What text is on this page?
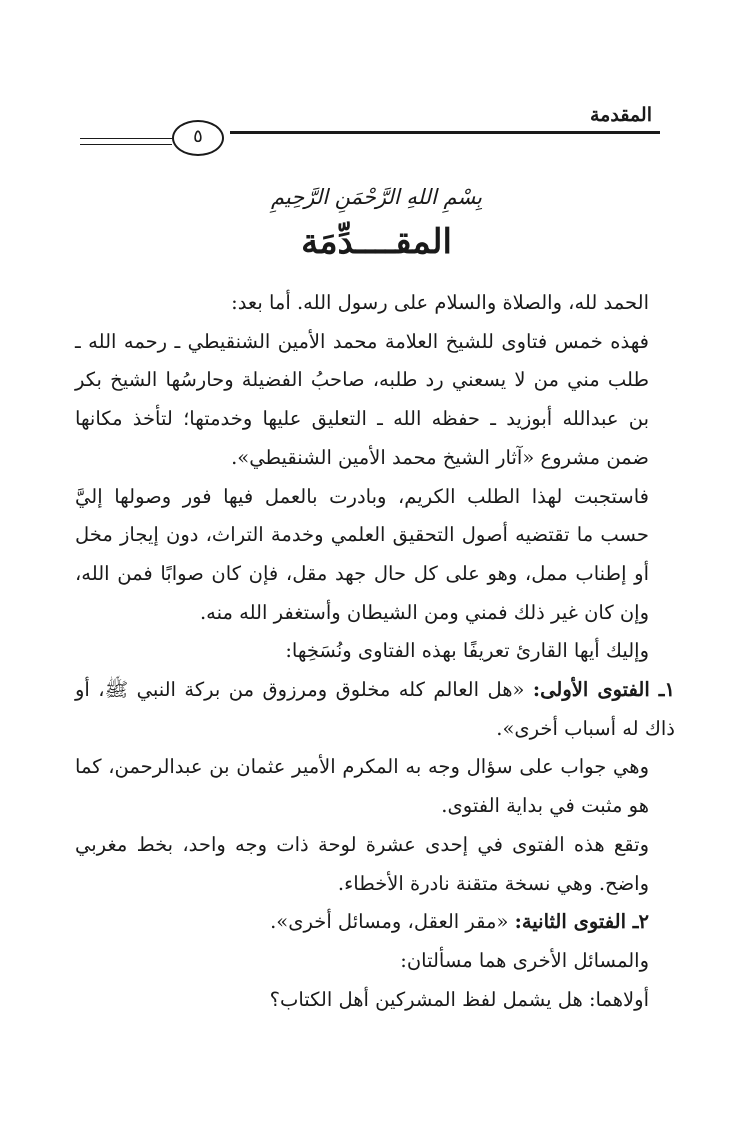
المقدمة
٥
بِسْمِ اللهِ الرَّحْمَنِ الرَّحِيمِ
المقــــدِّمَة

الحمد لله، والصلاة والسلام على رسول الله. أما بعد:

فهذه خمس فتاوى للشيخ العلامة محمد الأمين الشنقيطي ـ رحمه الله ـ طلب مني من لا يسعني رد طلبه، صاحبُ الفضيلة وحارسُها الشيخ بكر بن عبدالله أبوزيد ـ حفظه الله ـ التعليق عليها وخدمتها؛ لتأخذ مكانها ضمن مشروع «آثار الشيخ محمد الأمين الشنقيطي».

فاستجبت لهذا الطلب الكريم، وبادرت بالعمل فيها فور وصولها إليَّ حسب ما تقتضيه أصول التحقيق العلمي وخدمة التراث، دون إيجاز مخل أو إطناب ممل، وهو على كل حال جهد مقل، فإن كان صوابًا فمن الله، وإن كان غير ذلك فمني ومن الشيطان وأستغفر الله منه.

وإليك أيها القارئ تعريفًا بهذه الفتاوى ونُسَخِها:

١ـ الفتوى الأولى: «هل العالم كله مخلوق ومرزوق من بركة النبي ﷺ، أو ذاك له أسباب أخرى».

وهي جواب على سؤال وجه به المكرم الأمير عثمان بن عبدالرحمن، كما هو مثبت في بداية الفتوى.

وتقع هذه الفتوى في إحدى عشرة لوحة ذات وجه واحد، بخط مغربي واضح. وهي نسخة متقنة نادرة الأخطاء.

٢ـ الفتوى الثانية: «مقر العقل، ومسائل أخرى».

والمسائل الأخرى هما مسألتان:

أولاهما: هل يشمل لفظ المشركين أهل الكتاب؟
